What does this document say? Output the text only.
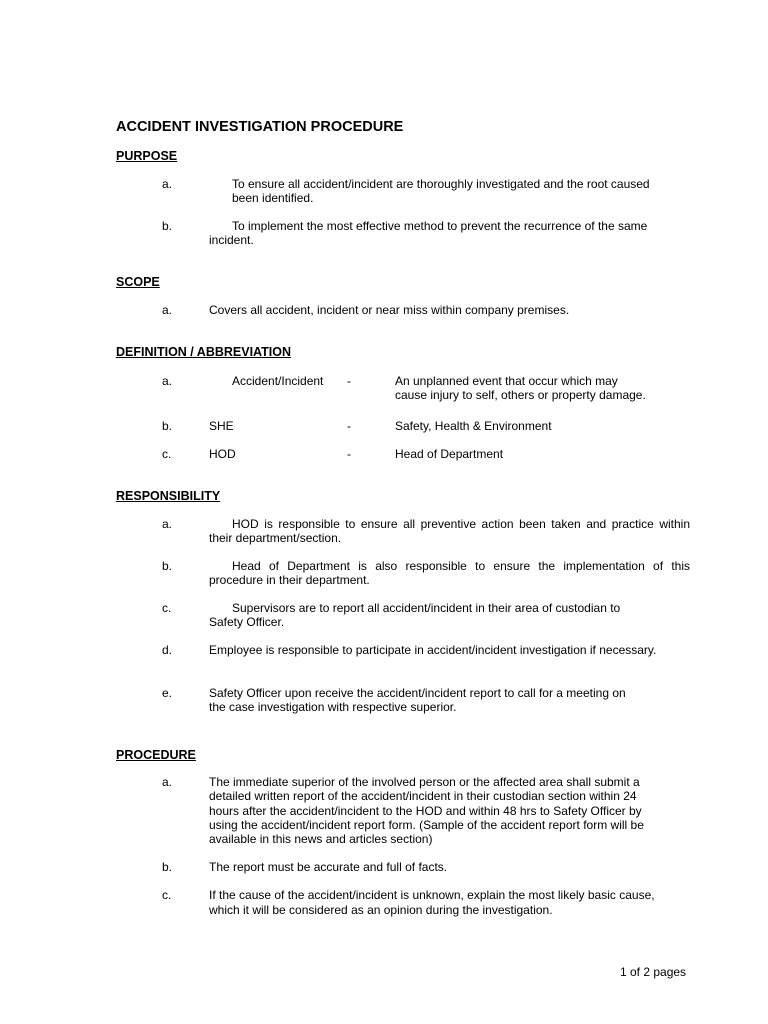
ACCIDENT INVESTIGATION PROCEDURE
PURPOSE
a.	To ensure all accident/incident are thoroughly investigated and the root caused
been identified.
b.	To implement the most effective method to prevent the recurrence of the same
incident.
SCOPE
a.	Covers all accident, incident or near miss within company premises.
DEFINITION / ABBREVIATION
a.	Accident/Incident -	An unplanned event that occur which may
cause injury to self, others or property damage.
b.	SHE	-	Safety, Health & Environment
c.	HOD	-	Head of Department
RESPONSIBILITY
a.	HOD is responsible to ensure all preventive action been taken and practice within their department/section.
b.	Head of Department is also responsible to ensure the implementation of this procedure in their department.
c.	Supervisors are to report all accident/incident in their area of custodian to
Safety Officer.
d.	Employee is responsible to participate in accident/incident investigation if necessary.
e.	Safety Officer upon receive the accident/incident report to call for a meeting on
the case investigation with respective superior.
PROCEDURE
a.	The immediate superior of the involved person or the affected area shall submit a
detailed written report of the accident/incident in their custodian section within 24
hours after the accident/incident to the HOD and within 48 hrs to Safety Officer by
using the accident/incident report form. (Sample of the accident report form will be
available in this news and articles section)
b.	The report must be accurate and full of facts.
c.	If the cause of the accident/incident is unknown, explain the most likely basic cause,
which it will be considered as an opinion during the investigation.
1 of 2 pages
